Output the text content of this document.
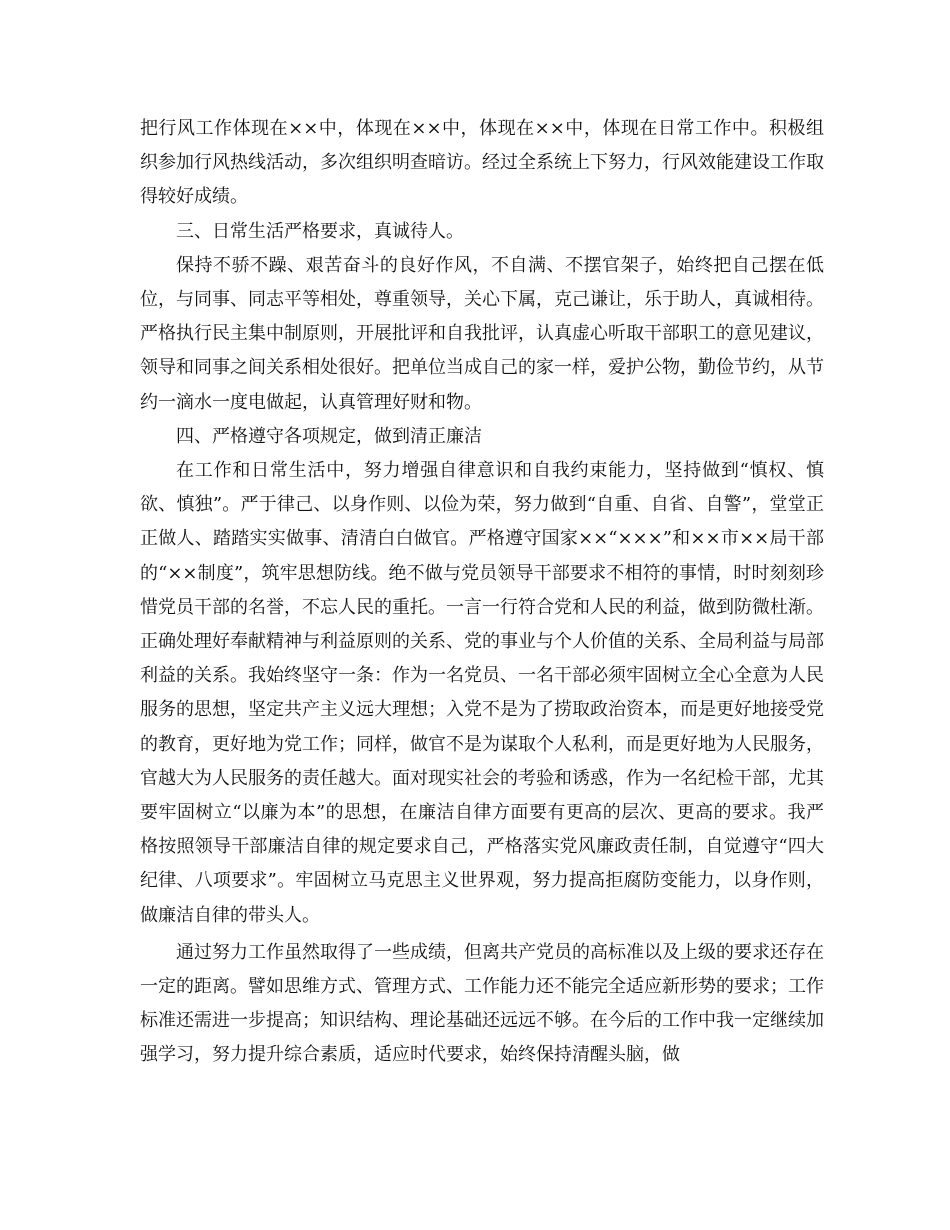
把行风工作体现在××中，体现在××中，体现在××中，体现在日常工作中。积极组织参加行风热线活动，多次组织明查暗访。经过全系统上下努力，行风效能建设工作取得较好成绩。

三、日常生活严格要求，真诚待人。

保持不骄不躁、艰苦奋斗的良好作风，不自满、不摆官架子，始终把自己摆在低位，与同事、同志平等相处，尊重领导，关心下属，克己谦让，乐于助人，真诚相待。严格执行民主集中制原则，开展批评和自我批评，认真虚心听取干部职工的意见建议，领导和同事之间关系相处很好。把单位当成自己的家一样，爱护公物，勤俭节约，从节约一滴水一度电做起，认真管理好财和物。

四、严格遵守各项规定，做到清正廉洁

在工作和日常生活中，努力增强自律意识和自我约束能力，坚持做到“慎权、慎欲、慎独”。严于律己、以身作则、以俭为荣，努力做到“自重、自省、自警”，堂堂正正做人、踏踏实实做事、清清白白做官。严格遵守国家××“×××”和××市××局干部的“××制度”，筑牢思想防线。绝不做与党员领导干部要求不相符的事情，时时刻刻珍惜党员干部的名誉，不忘人民的重托。一言一行符合党和人民的利益，做到防微杜渐。正确处理好奉献精神与利益原则的关系、党的事业与个人价值的关系、全局利益与局部利益的关系。我始终坚守一条：作为一名党员、一名干部必须牢固树立全心全意为人民服务的思想，坚定共产主义远大理想；入党不是为了捞取政治资本，而是更好地接受党的教育，更好地为党工作；同样，做官不是为谋取个人私利，而是更好地为人民服务，官越大为人民服务的责任越大。面对现实社会的考验和诱惑，作为一名纪检干部，尤其要牢固树立“以廉为本”的思想，在廉洁自律方面要有更高的层次、更高的要求。我严格按照领导干部廉洁自律的规定要求自己，严格落实党风廉政责任制，自觉遵守“四大纪律、八项要求”。牢固树立马克思主义世界观，努力提高拒腐防变能力，以身作则，做廉洁自律的带头人。

通过努力工作虽然取得了一些成绩，但离共产党员的高标准以及上级的要求还存在一定的距离。譬如思维方式、管理方式、工作能力还不能完全适应新形势的要求；工作标准还需进一步提高；知识结构、理论基础还远远不够。在今后的工作中我一定继续加强学习，努力提升综合素质，适应时代要求，始终保持清醒头脑，做
